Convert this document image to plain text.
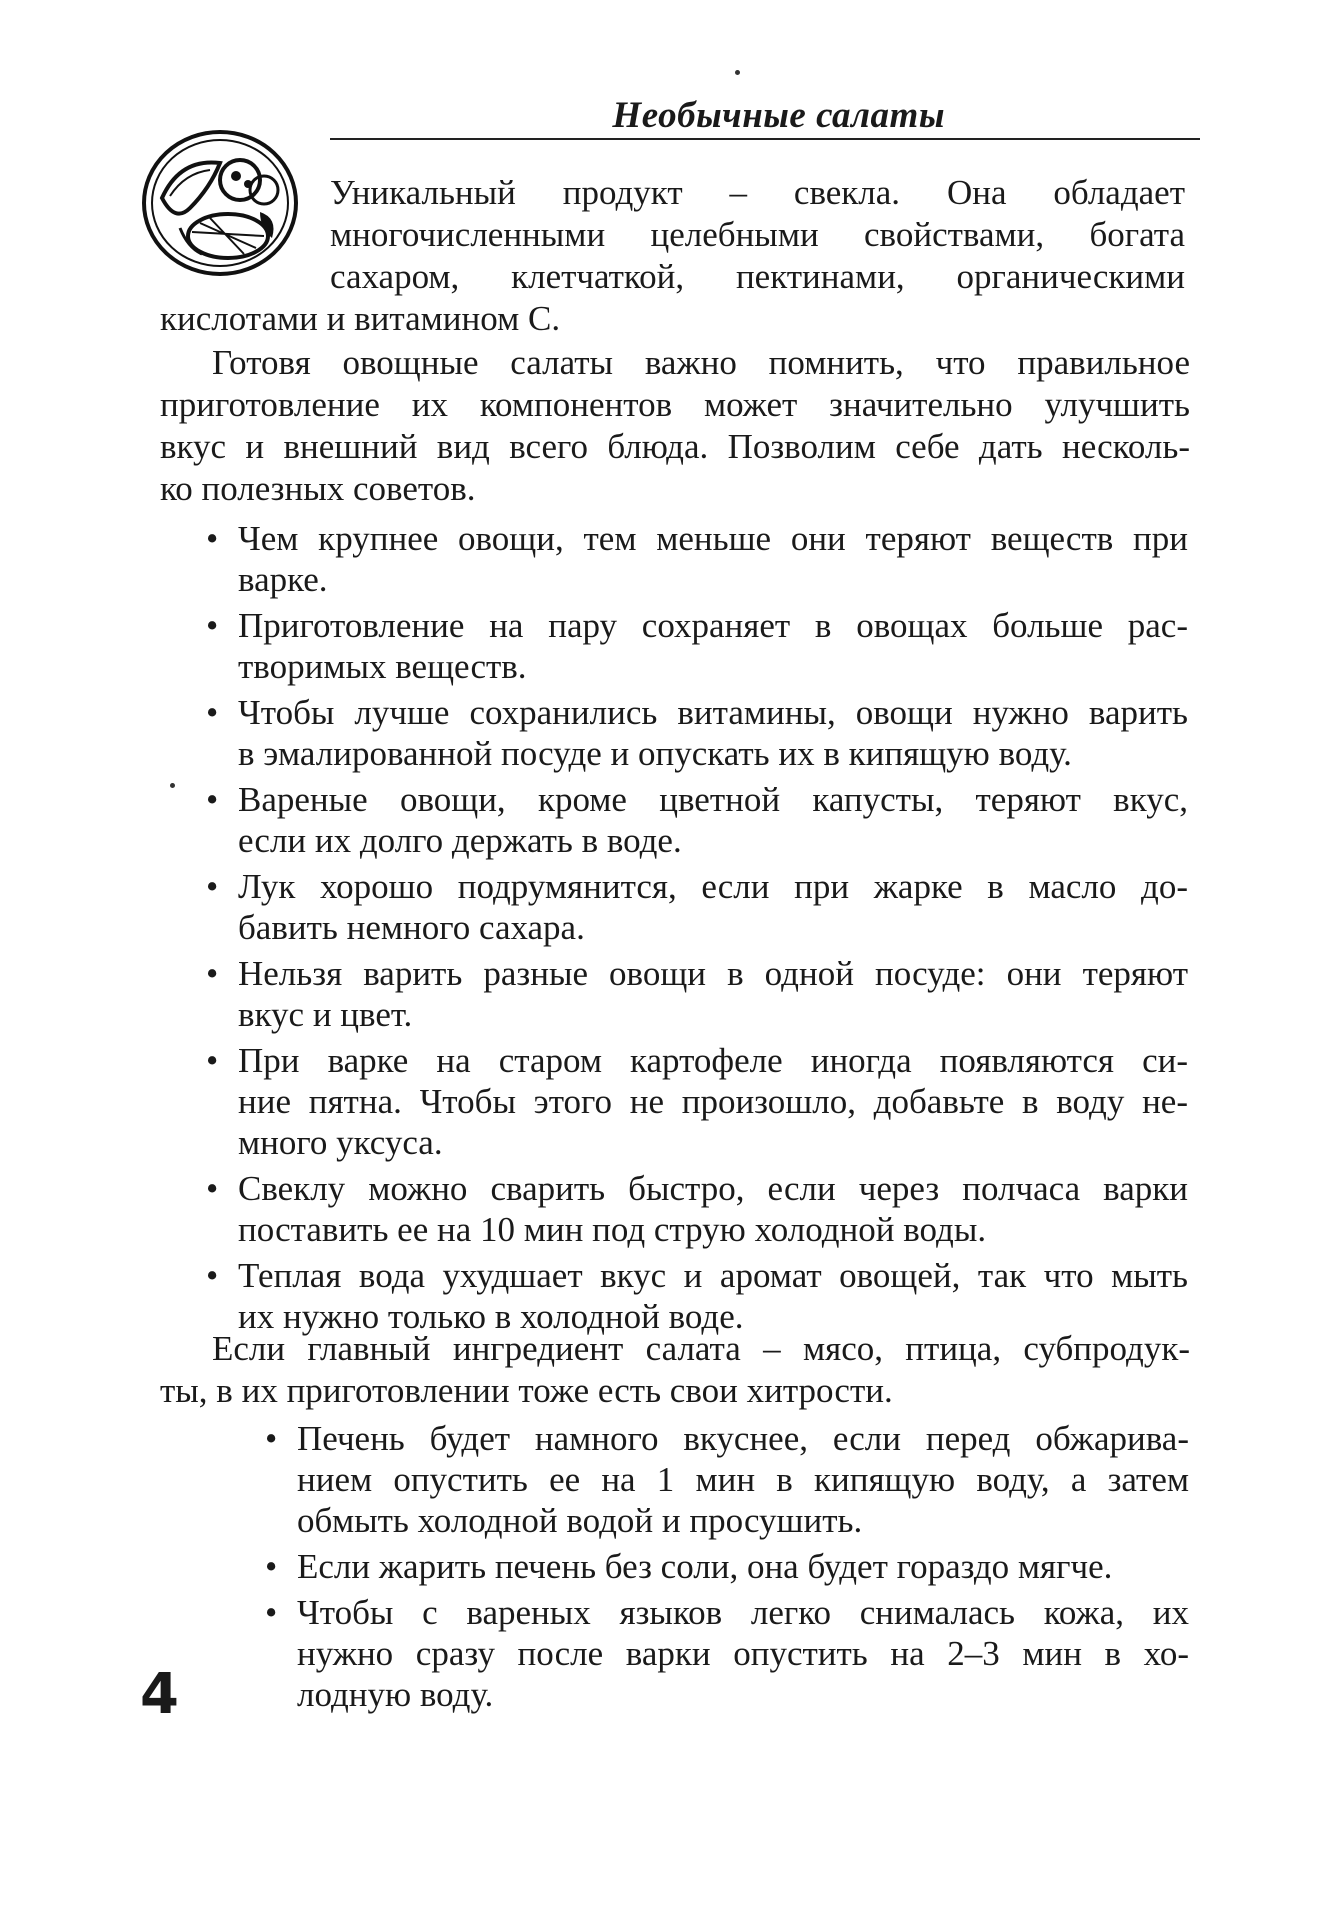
Необычные салаты
Уникальный продукт – свекла. Она обладает
многочисленными целебными свойствами, богата
сахаром, клетчаткой, пектинами, органическими
кислотами и витамином С.
Готовя овощные салаты важно помнить, что правильное
приготовление их компонентов может значительно улучшить
вкус и внешний вид всего блюда. Позволим себе дать несколь-
ко полезных советов.
• Чем крупнее овощи, тем меньше они теряют веществ при
варке.
• Приготовление на пару сохраняет в овощах больше рас-
творимых веществ.
• Чтобы лучше сохранились витамины, овощи нужно варить
в эмалированной посуде и опускать их в кипящую воду.
• Вареные овощи, кроме цветной капусты, теряют вкус,
если их долго держать в воде.
• Лук хорошо подрумянится, если при жарке в масло до-
бавить немного сахара.
• Нельзя варить разные овощи в одной посуде: они теряют
вкус и цвет.
• При варке на старом картофеле иногда появляются си-
ние пятна. Чтобы этого не произошло, добавьте в воду не-
много уксуса.
• Свеклу можно сварить быстро, если через полчаса варки
поставить ее на 10 мин под струю холодной воды.
• Теплая вода ухудшает вкус и аромат овощей, так что мыть
их нужно только в холодной воде.
Если главный ингредиент салата – мясо, птица, субпродук-
ты, в их приготовлении тоже есть свои хитрости.
• Печень будет намного вкуснее, если перед обжарива-
нием опустить ее на 1 мин в кипящую воду, а затем
обмыть холодной водой и просушить.
• Если жарить печень без соли, она будет гораздо мягче.
• Чтобы с вареных языков легко снималась кожа, их
нужно сразу после варки опустить на 2–3 мин в хо-
лодную воду.
4
